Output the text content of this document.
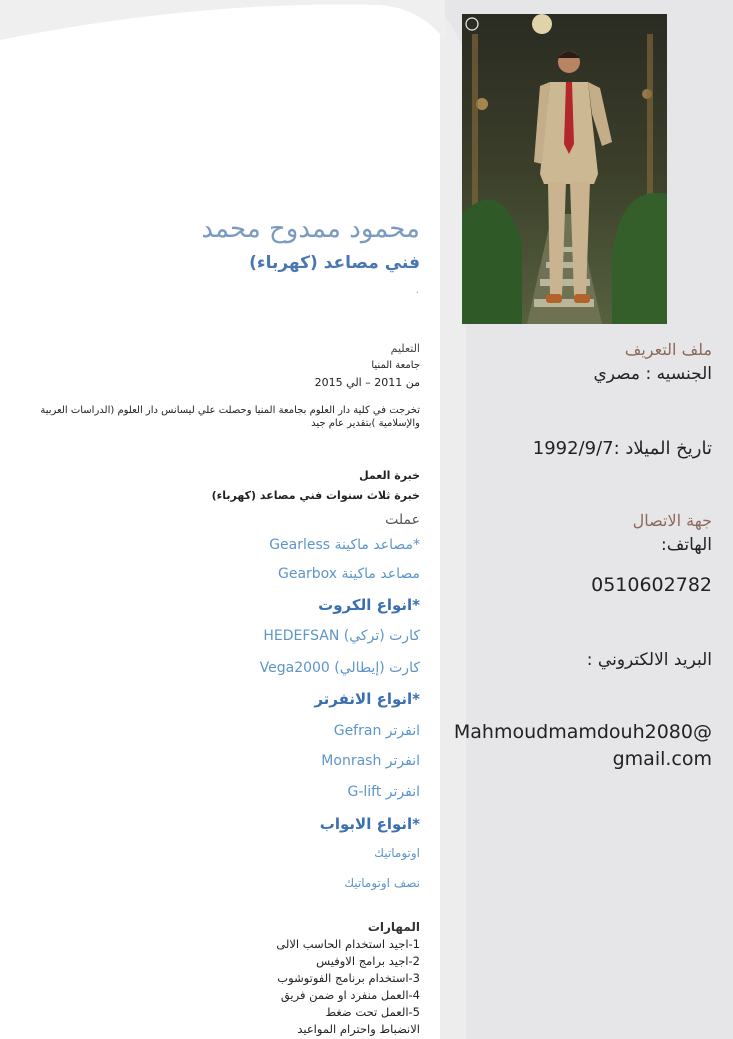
محمود ممدوح محمد
فني مصاعد (كهرباء)
،
التعليم
جامعة المنيا
من 2011 – الي 2015
تخرجت في كلية دار العلوم بجامعة المنيا وحصلت علي ليسانس دار العلوم (الدراسات العربية والإسلامية )بتقدير عام جيد
خبرة العمل
خبرة ثلاث سنوات فني مصاعد (كهرباء)
عملت
*مصاعد ماكينة Gearless
مصاعد ماكينة Gearbox
*انواع الكروت
كارت (تركي) HEDEFSAN
كارت (إيطالي) Vega2000
*انواع الانفرتر
انفرتر Gefran
انفرتر Monrash
انفرتر G-lift
*انواع الابواب
اوتوماتيك
نصف اوتوماتيك
المهارات
1-اجيد استخدام الحاسب الالى
2-اجيد برامج الاوفيس
3-استخدام برنامج الفوتوشوب
4-العمل منفرد او ضمن فريق
5-العمل تحت ضغط
الانضباط واحترام المواعيد
ملف التعريف
الجنسيه : مصري
تاريخ الميلاد :1992/9/7
جهة الاتصال
الهاتف:
0510602782
البريد الالكتروني :
Mahmoudmamdouh2080@gmail.com
